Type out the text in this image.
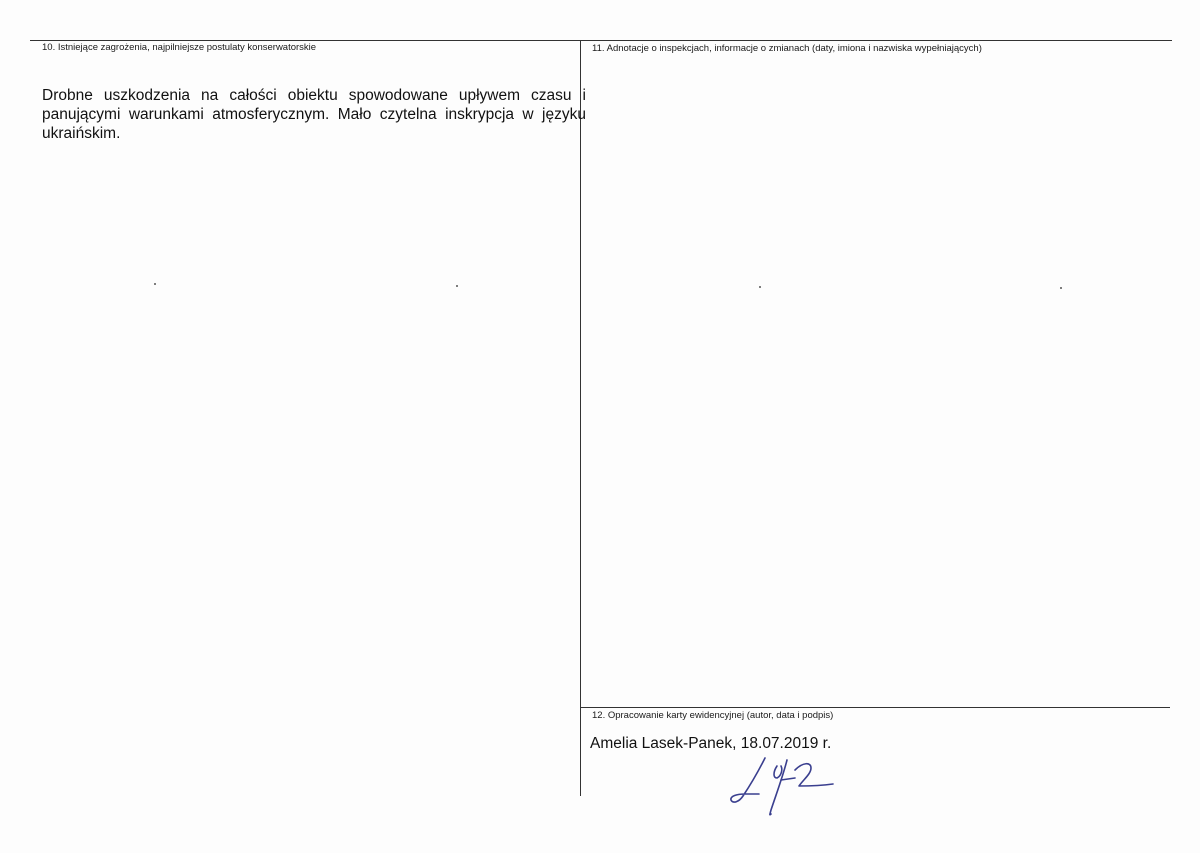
10. Istniejące zagrożenia, najpilniejsze postulaty konserwatorskie
Drobne uszkodzenia na całości obiektu spowodowane upływem czasu i panującymi warunkami atmosferycznym. Mało czytelna inskrypcja w języku ukraińskim.
11. Adnotacje o inspekcjach, informacje o zmianach (daty, imiona i nazwiska wypełniających)
12. Opracowanie karty ewidencyjnej (autor, data i podpis)
Amelia Lasek-Panek, 18.07.2019 r.
